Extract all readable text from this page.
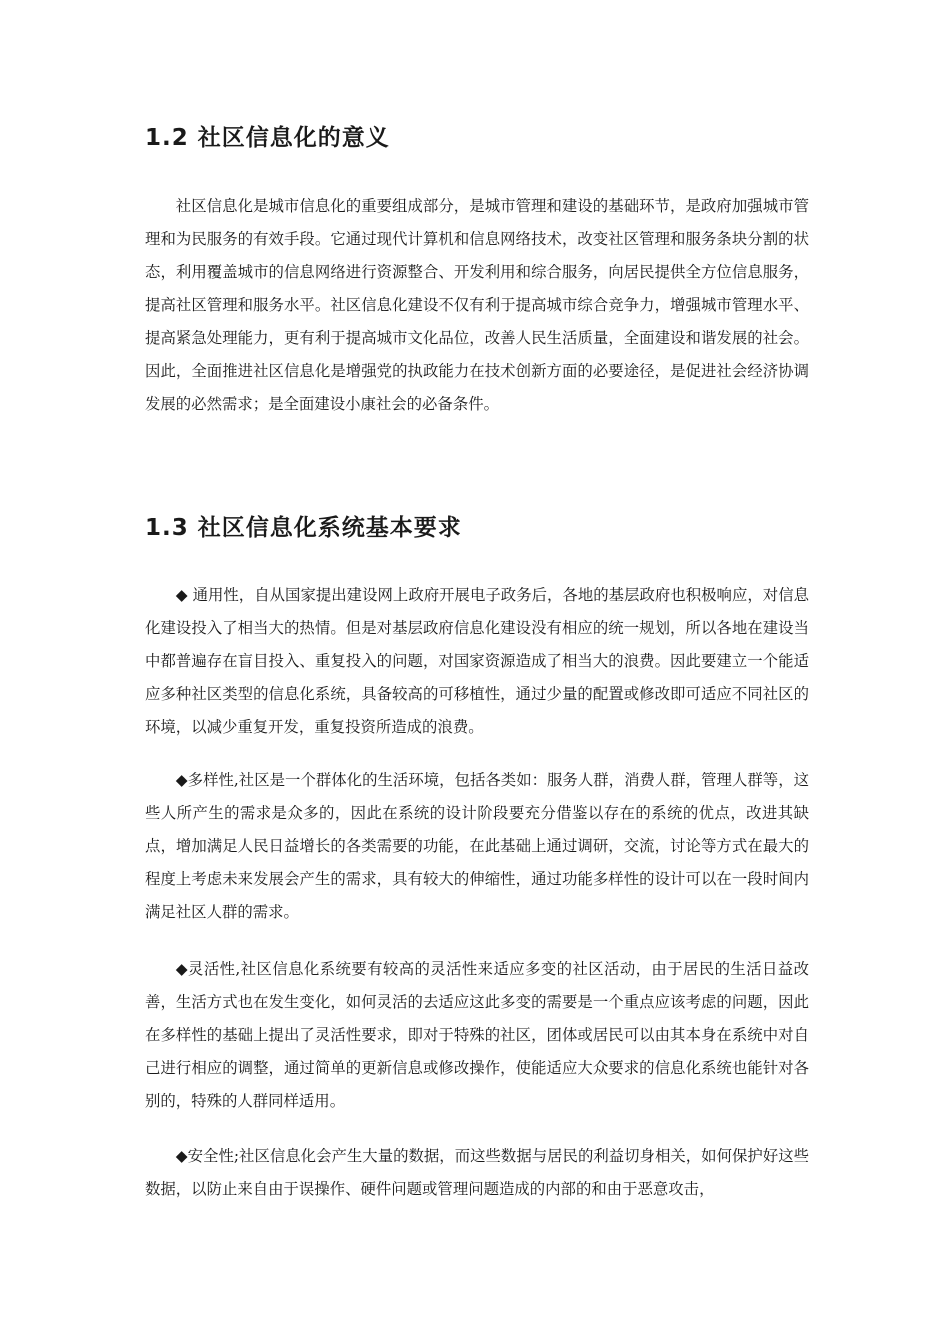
1.2 社区信息化的意义

社区信息化是城市信息化的重要组成部分，是城市管理和建设的基础环节，是政府加强城市管理和为民服务的有效手段。它通过现代计算机和信息网络技术，改变社区管理和服务条块分割的状态，利用覆盖城市的信息网络进行资源整合、开发利用和综合服务，向居民提供全方位信息服务，提高社区管理和服务水平。社区信息化建设不仅有利于提高城市综合竞争力，增强城市管理水平、提高紧急处理能力，更有利于提高城市文化品位，改善人民生活质量，全面建设和谐发展的社会。因此，全面推进社区信息化是增强党的执政能力在技术创新方面的必要途径，是促进社会经济协调发展的必然需求；是全面建设小康社会的必备条件。

1.3 社区信息化系统基本要求

◆ 通用性，自从国家提出建设网上政府开展电子政务后，各地的基层政府也积极响应，对信息化建设投入了相当大的热情。但是对基层政府信息化建设没有相应的统一规划，所以各地在建设当中都普遍存在盲目投入、重复投入的问题，对国家资源造成了相当大的浪费。因此要建立一个能适应多种社区类型的信息化系统，具备较高的可移植性，通过少量的配置或修改即可适应不同社区的环境，以减少重复开发，重复投资所造成的浪费。

◆多样性,社区是一个群体化的生活环境，包括各类如：服务人群，消费人群，管理人群等，这些人所产生的需求是众多的，因此在系统的设计阶段要充分借鉴以存在的系统的优点，改进其缺点，增加满足人民日益增长的各类需要的功能，在此基础上通过调研，交流，讨论等方式在最大的程度上考虑未来发展会产生的需求，具有较大的伸缩性，通过功能多样性的设计可以在一段时间内满足社区人群的需求。

◆灵活性,社区信息化系统要有较高的灵活性来适应多变的社区活动，由于居民的生活日益改善，生活方式也在发生变化，如何灵活的去适应这此多变的需要是一个重点应该考虑的问题，因此在多样性的基础上提出了灵活性要求，即对于特殊的社区，团体或居民可以由其本身在系统中对自己进行相应的调整，通过简单的更新信息或修改操作，使能适应大众要求的信息化系统也能针对各别的，特殊的人群同样适用。

◆安全性;社区信息化会产生大量的数据，而这些数据与居民的利益切身相关，如何保护好这些数据，以防止来自由于误操作、硬件问题或管理问题造成的内部的和由于恶意攻击，
